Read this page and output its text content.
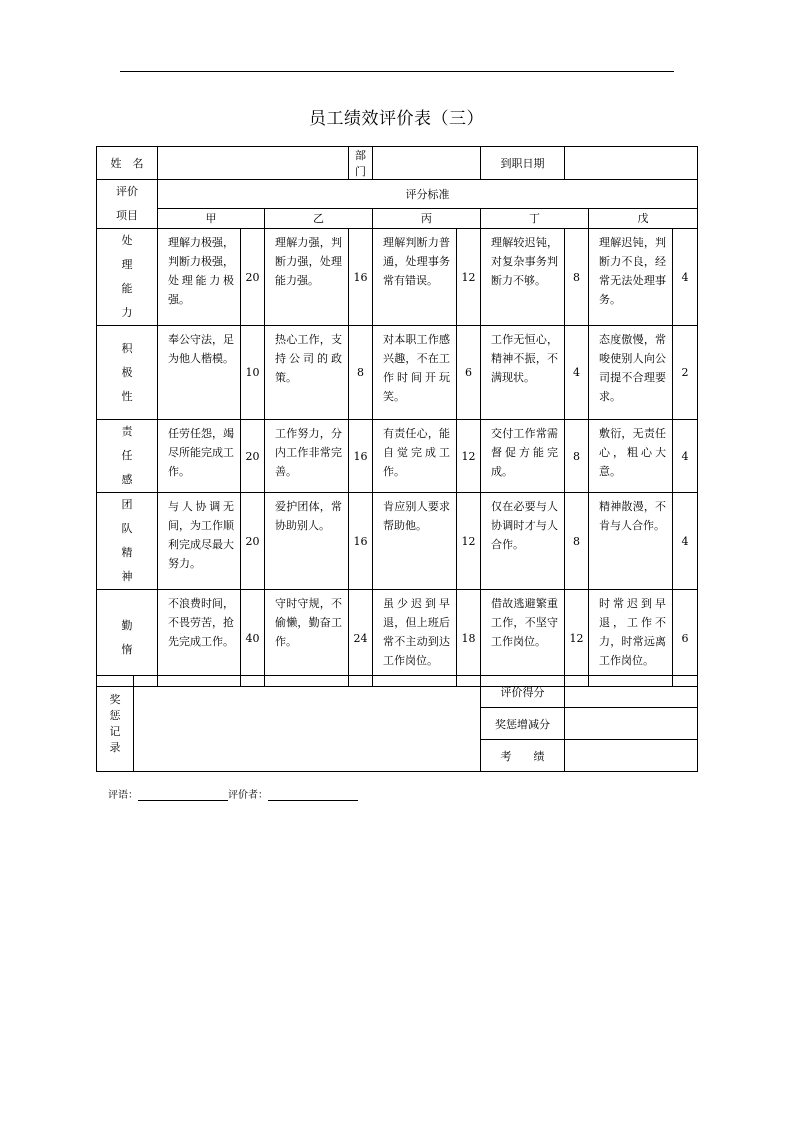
员工绩效评价表（三）
姓　名				部　门			到职日期			

评价
项目	评分标准									
	甲		乙		丙		丁		戊	

处
理
能
力	理解力极强，判断力极强，处理能力极强。	20	理解力强，判断力强，处理能力强。	16	理解判断力普通，处理事务常有错误。	12	理解较迟钝，对复杂事务判断力不够。	8	理解迟钝，判断力不良，经常无法处理事务。	4

积
极
性	奉公守法，足为他人楷模。	10	热心工作，支持公司的政策。	8	对本职工作感兴趣，不在工作时间开玩笑。	6	工作无恒心，精神不振，不满现状。	4	态度傲慢，常唆使别人向公司提不合理要求。	2

责
任
感	任劳任怨，竭尽所能完成工作。	20	工作努力，分内工作非常完善。	16	有责任心，能自觉完成工作。	12	交付工作常需督促方能完成。	8	敷衍，无责任心，粗心大意。	4

团
队
精
神	与人协调无间，为工作顺利完成尽最大努力。	20	爱护团体，常协助别人。	16	肯应别人要求帮助他。	12	仅在必要与人协调时才与人合作。	8	精神散漫，不肯与人合作。	4

勤
惰	不浪费时间，不畏劳苦，抢先完成工作。	40	守时守规，不偷懒，勤奋工作。	24	虽少迟到早退，但上班后常不主动到达工作岗位。	18	借故逃避繁重工作，不坚守工作岗位。	12	时常迟到早退，工作不力，时常远离工作岗位。	6
奖
惩
记
录		评价得分	
		奖惩增减分	
		考　　绩	
评语：	评价者：
